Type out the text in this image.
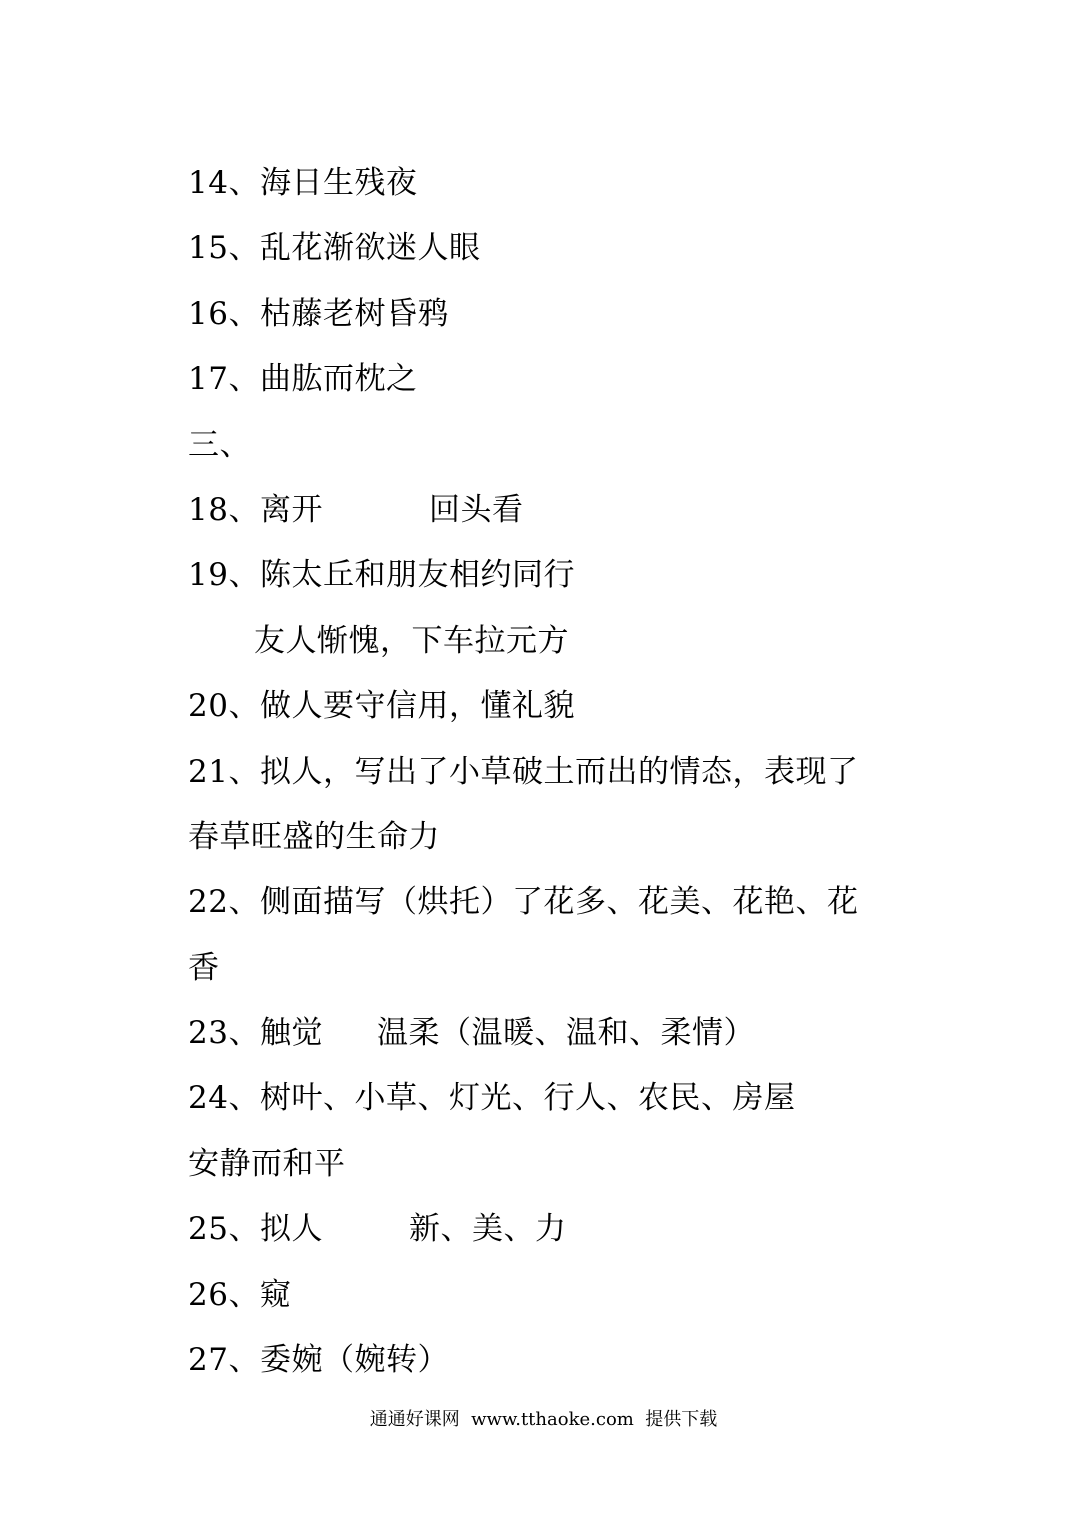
14、海日生残夜
15、乱花渐欲迷人眼
16、枯藤老树昏鸦
17、曲肱而枕之
三、
18、离开	回头看
19、陈太丘和朋友相约同行
友人惭愧，下车拉元方
20、做人要守信用，懂礼貌
21、拟人，写出了小草破土而出的情态，表现了
春草旺盛的生命力
22、侧面描写（烘托）了花多、花美、花艳、花
香
23、触觉 温柔（温暖、温和、柔情）
24、树叶、小草、灯光、行人、农民、房屋
安静而和平
25、拟人	新、美、力
26、窥
27、委婉（婉转）
通通好课网  www.tthaoke.com  提供下载
